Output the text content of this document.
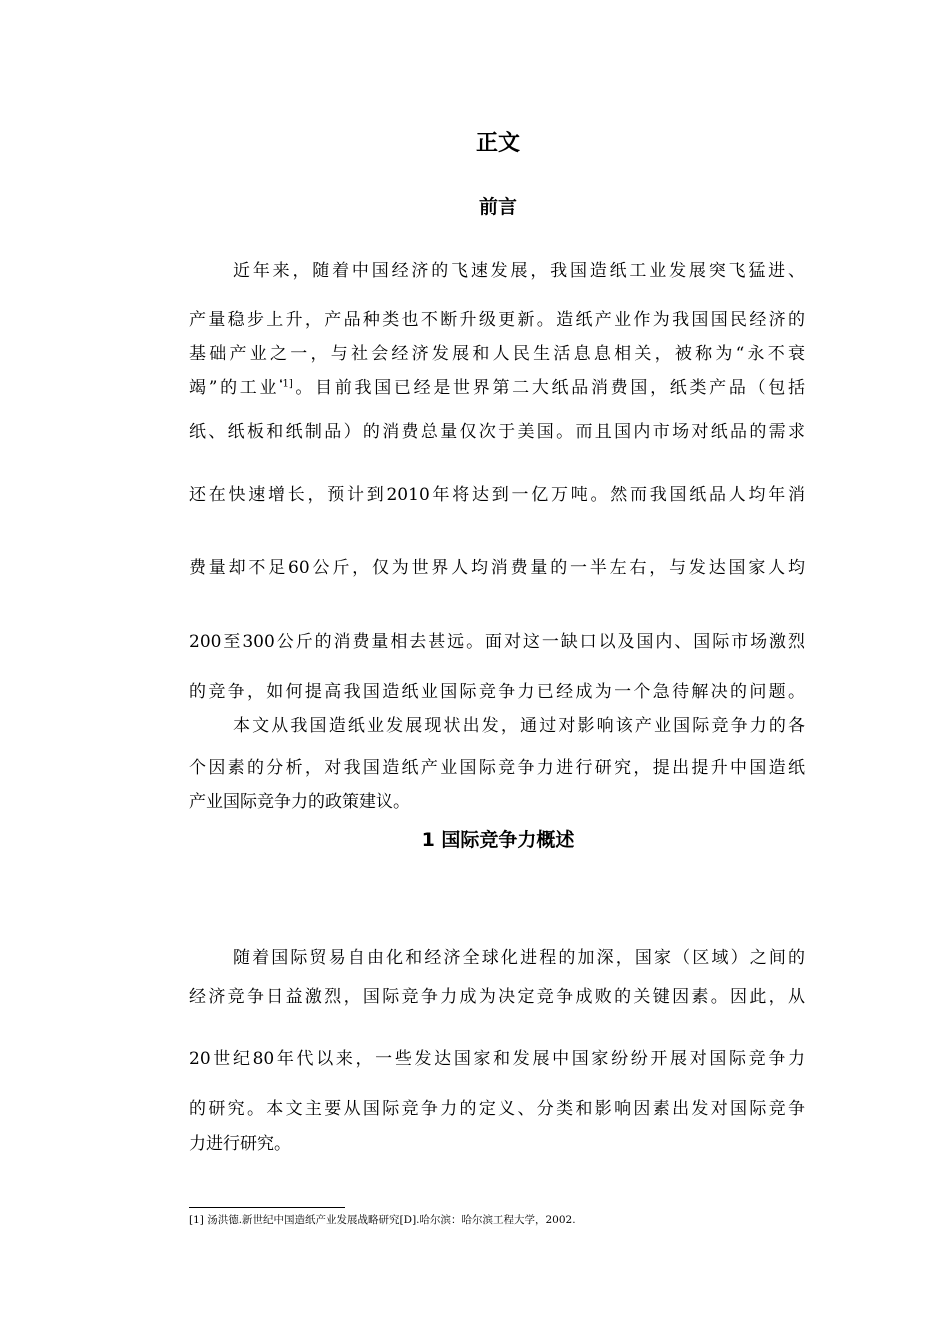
正文
前言
近年来，随着中国经济的飞速发展，我国造纸工业发展突飞猛进、
产量稳步上升，产品种类也不断升级更新。造纸产业作为我国国民经济的
基础产业之一，与社会经济发展和人民生活息息相关，被称为“永不衰
竭”的工业$^{❛1]}$。目前我国已经是世界第二大纸品消费国，纸类产品（包括
纸、纸板和纸制品）的消费总量仅次于美国。而且国内市场对纸品的需求
还在快速增长，预计到2010年将达到一亿万吨。然而我国纸品人均年消
费量却不足60公斤，仅为世界人均消费量的一半左右，与发达国家人均
200至300公斤的消费量相去甚远。面对这一缺口以及国内、国际市场激烈
的竞争，如何提高我国造纸业国际竞争力已经成为一个急待解决的问题。
本文从我国造纸业发展现状出发，通过对影响该产业国际竞争力的各
个因素的分析，对我国造纸产业国际竞争力进行研究，提出提升中国造纸
产业国际竞争力的政策建议。
1 国际竞争力概述
随着国际贸易自由化和经济全球化进程的加深，国家（区域）之间的
经济竞争日益激烈，国际竞争力成为决定竞争成败的关键因素。因此，从
20世纪80年代以来，一些发达国家和发展中国家纷纷开展对国际竞争力
的研究。本文主要从国际竞争力的定义、分类和影响因素出发对国际竞争
力进行研究。
[1] 汤洪德.新世纪中国造纸产业发展战略研究[D].哈尔滨：哈尔滨工程大学，2002.
